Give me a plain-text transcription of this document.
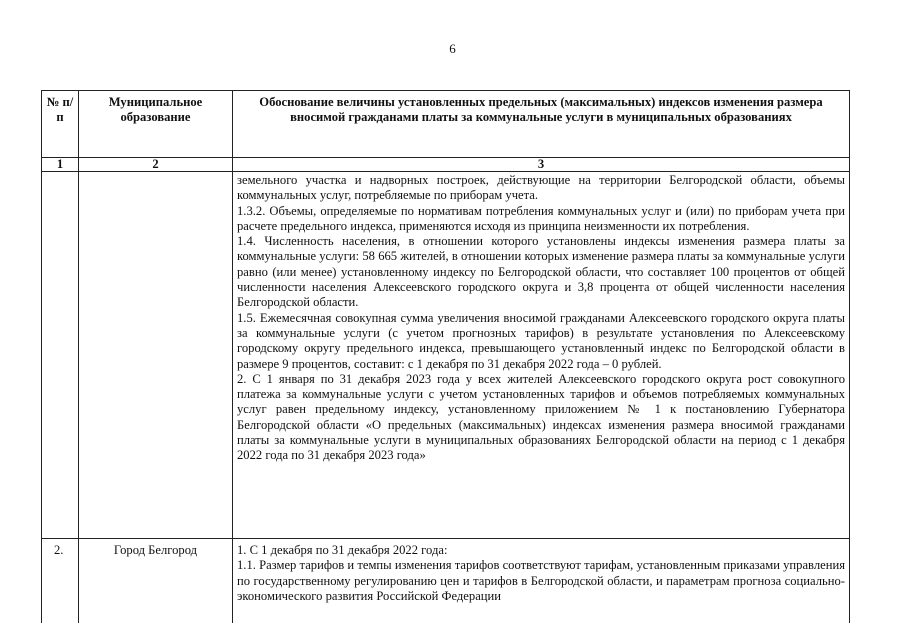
6
№ п/п	Муниципальное образование	Обоснование величины установленных предельных (максимальных) индексов изменения размера вносимой гражданами платы за коммунальные услуги в муниципальных образованиях
1	2	3

		земельного участка и надворных построек, действующие на территории Белгородской области, объемы коммунальных услуг, потребляемые по приборам учета.

1.3.2. Объемы, определяемые по нормативам потребления коммунальных услуг и (или) по приборам учета при расчете предельного индекса, применяются исходя из принципа неизменности их потребления.

1.4. Численность населения, в отношении которого установлены индексы изменения размера платы за коммунальные услуги: 58 665 жителей, в отношении которых изменение размера платы за коммунальные услуги равно (или менее) установленному индексу по Белгородской области, что составляет 100 процентов от общей численности населения Алексеевского городского округа и 3,8 процента от общей численности населения Белгородской области.

1.5. Ежемесячная совокупная сумма увеличения вносимой гражданами Алексеевского городского округа платы за коммунальные услуги (с учетом прогнозных тарифов) в результате установления по Алексеевскому городскому округу предельного индекса, превышающего установленный индекс по Белгородской области в размере 9 процентов, составит: с 1 декабря по 31 декабря 2022 года – 0 рублей.

2. С 1 января по 31 декабря 2023 года у всех жителей Алексеевского городского округа рост совокупного платежа за коммунальные услуги с учетом установленных тарифов и объемов потребляемых коммунальных услуг равен предельному индексу, установленному приложением № 1 к постановлению Губернатора Белгородской области «О предельных (максимальных) индексах изменения размера вносимой гражданами платы за коммунальные услуги в муниципальных образованиях Белгородской области на период с 1 декабря 2022 года по 31 декабря 2023 года»

2.	Город Белгород	1. С 1 декабря по 31 декабря 2022 года:

1.1. Размер тарифов и темпы изменения тарифов соответствуют тарифам, установленным приказами управления по государственному регулированию цен и тарифов в Белгородской области, и параметрам прогноза социально-экономического развития Российской Федерации
